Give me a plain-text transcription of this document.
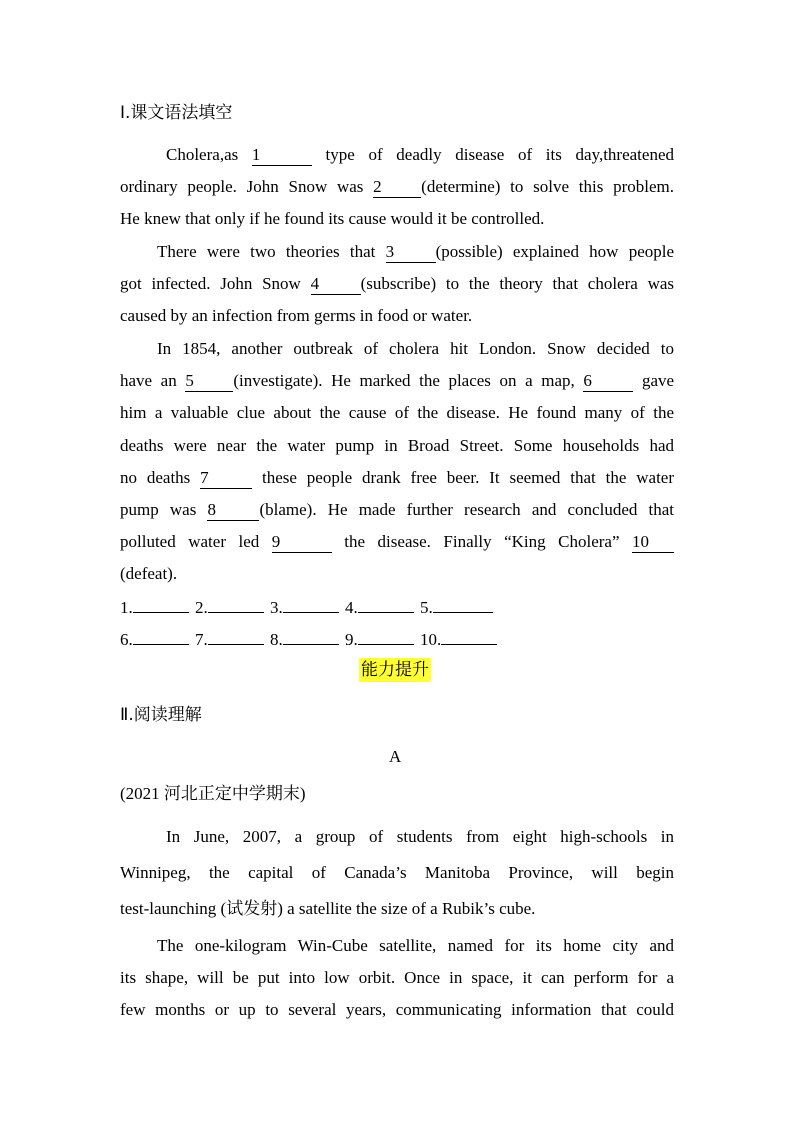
Ⅰ.课文语法填空
Cholera,as 1	type of deadly disease of its day,threatened
ordinary people. John Snow was 2 (determine) to solve this problem.
He knew that only if he found its cause would it be controlled.
There were two theories that 3 (possible) explained how people
got infected. John Snow 4 (subscribe) to the theory that cholera was
caused by an infection from germs in food or water.
In 1854, another outbreak of cholera hit London. Snow decided to
have an 5 (investigate). He marked the places on a map, 6	gave
him a valuable clue about the cause of the disease. He found many of the
deaths were near the water pump in Broad Street. Some households had
no deaths 7	these people drank free beer. It seemed that the water
pump was 8	(blame). He made further research and concluded that
polluted water led 9	the disease. Finally “King Cholera” 10
(defeat).
1.	2.	3.	4.	5.
6.	7.	8.	9.	10.
能力提升
Ⅱ.阅读理解
A
(2021 河北正定中学期末)
In June, 2007, a group of students from eight high-schools in
Winnipeg, the capital of Canada’s Manitoba Province, will begin
test-launching (试发射) a satellite the size of a Rubik’s cube.
The one-kilogram Win-Cube satellite, named for its home city and
its shape, will be put into low orbit. Once in space, it can perform for a
few months or up to several years, communicating information that could
